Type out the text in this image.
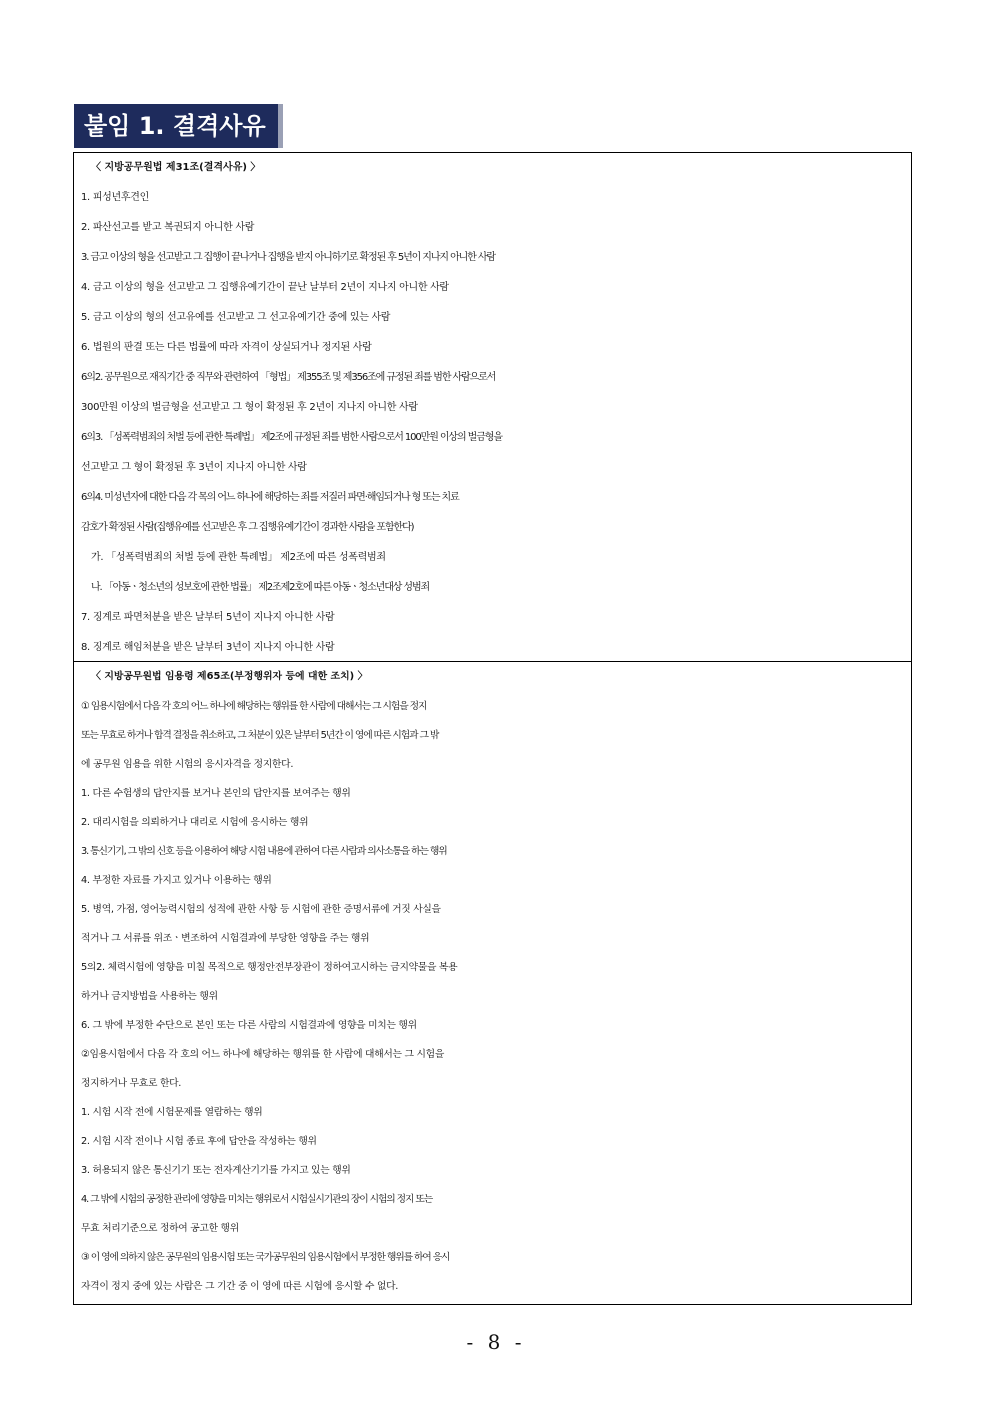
붙임 1. 결격사유
〈 지방공무원법 제31조(결격사유) 〉
1. 피성년후견인
2. 파산선고를 받고 복권되지 아니한 사람
3. 금고 이상의 형을 선고받고 그 집행이 끝나거나 집행을 받지 아니하기로 확정된 후 5년이 지나지 아니한 사람
4. 금고 이상의 형을 선고받고 그 집행유예기간이 끝난 날부터 2년이 지나지 아니한 사람
5. 금고 이상의 형의 선고유예를 선고받고 그 선고유예기간 중에 있는 사람
6. 법원의 판결 또는 다른 법률에 따라 자격이 상실되거나 정지된 사람
6의2. 공무원으로 재직기간 중 직무와 관련하여 「형법」 제355조 및 제356조에 규정된 죄를 범한 사람으로서
300만원 이상의 벌금형을 선고받고 그 형이 확정된 후 2년이 지나지 아니한 사람
6의3. 「성폭력범죄의 처벌 등에 관한 특례법」 제2조에 규정된 죄를 범한 사람으로서 100만원 이상의 벌금형을
선고받고 그 형이 확정된 후 3년이 지나지 아니한 사람
6의4. 미성년자에 대한 다음 각 목의 어느 하나에 해당하는 죄를 저질러 파면·해임되거나 형 또는 치료
감호가 확정된 사람(집행유예를 선고받은 후 그 집행유예기간이 경과한 사람을 포함한다)
가. 「성폭력범죄의 처벌 등에 관한 특례법」 제2조에 따른 성폭력범죄
나. 「아동ㆍ청소년의 성보호에 관한 법률」 제2조제2호에 따른 아동ㆍ청소년대상 성범죄
7. 징계로 파면처분을 받은 날부터 5년이 지나지 아니한 사람
8. 징계로 해임처분을 받은 날부터 3년이 지나지 아니한 사람
〈 지방공무원법 임용령 제65조(부정행위자 등에 대한 조치) 〉
① 임용시험에서 다음 각 호의 어느 하나에 해당하는 행위를 한 사람에 대해서는 그 시험을 정지
또는 무효로 하거나 합격 결정을 취소하고, 그 처분이 있은 날부터 5년간 이 영에 따른 시험과 그 밖
에 공무원 임용을 위한 시험의 응시자격을 정지한다.
1. 다른 수험생의 답안지를 보거나 본인의 답안지를 보여주는 행위
2. 대리시험을 의뢰하거나 대리로 시험에 응시하는 행위
3. 통신기기, 그 밖의 신호 등을 이용하여 해당 시험 내용에 관하여 다른 사람과 의사소통을 하는 행위
4. 부정한 자료를 가지고 있거나 이용하는 행위
5. 병역, 가점, 영어능력시험의 성적에 관한 사항 등 시험에 관한 증명서류에 거짓 사실을
적거나 그 서류를 위조ㆍ변조하여 시험결과에 부당한 영향을 주는 행위
5의2. 체력시험에 영향을 미칠 목적으로 행정안전부장관이 정하여고시하는 금지약물을 복용
하거나 금지방법을 사용하는 행위
6. 그 밖에 부정한 수단으로 본인 또는 다른 사람의 시험결과에 영향을 미치는 행위
②임용시험에서 다음 각 호의 어느 하나에 해당하는 행위를 한 사람에 대해서는 그 시험을
정지하거나 무효로 한다.
1. 시험 시작 전에 시험문제를 열람하는 행위
2. 시험 시작 전이나 시험 종료 후에 답안을 작성하는 행위
3. 허용되지 않은 통신기기 또는 전자계산기기를 가지고 있는 행위
4. 그 밖에 시험의 공정한 관리에 영향을 미치는 행위로서 시험실시기관의 장이 시험의 정지 또는
무효 처리기준으로 정하여 공고한 행위
③ 이 영에 의하지 않은 공무원의 임용시험 또는 국가공무원의 임용시험에서 부정한 행위를 하여 응시
자격이 정지 중에 있는 사람은 그 기간 중 이 영에 따른 시험에 응시할 수 없다.
- 8 -
